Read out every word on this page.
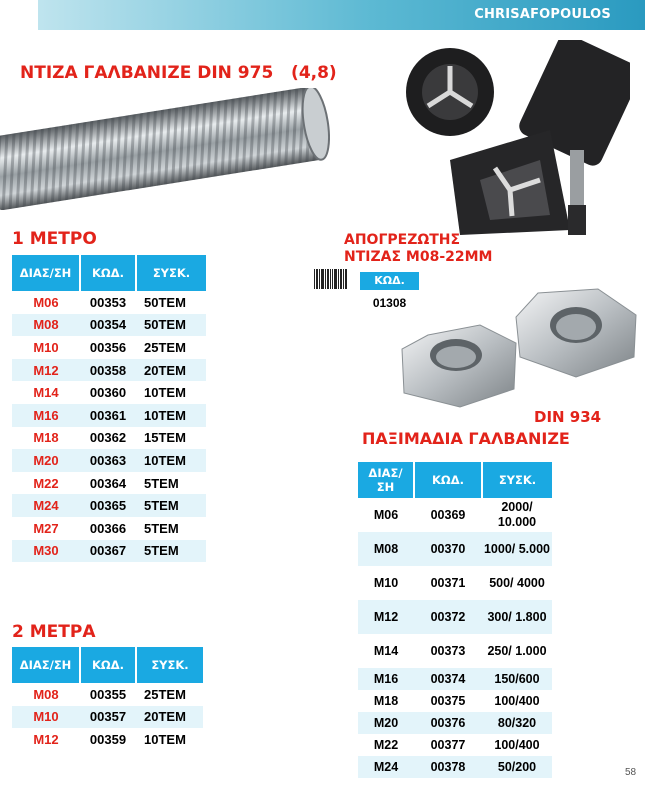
CHRISAFOPOULOS
ΝΤΙΖΑ ΓΑΛΒΑΝΙΖΕ DIN 975   (4,8)
1 ΜΕΤΡΟ
ΔΙΑΣ/ΣΗ	ΚΩΔ.	ΣΥΣΚ.
M06	00353	50TEM
M08	00354	50TEM
M10	00356	25TEM
M12	00358	20TEM
M14	00360	10TEM
M16	00361	10TEM
M18	00362	15TEM
M20	00363	10TEM
M22	00364	5TEM
M24	00365	5TEM
M27	00366	5TEM
M30	00367	5TEM
2 ΜΕΤΡΑ
ΔΙΑΣ/ΣΗ	ΚΩΔ.	ΣΥΣΚ.
M08	00355	25TEM
M10	00357	20TEM
M12	00359	10TEM
ΑΠΟΓΡΕΖΩΤΗΣ
ΝΤΙΖΑΣ M08-22MM
ΚΩΔ.
01308
DIN 934
ΠΑΞΙΜΑΔΙΑ ΓΑΛΒΑΝΙΖΕ
ΔΙΑΣ/ ΣΗ	ΚΩΔ.	ΣΥΣΚ.
M06	00369	2000/ 10.000
M08	00370	1000/ 5.000
M10	00371	500/ 4000
M12	00372	300/ 1.800
M14	00373	250/ 1.000
M16	00374	150/600
M18	00375	100/400
M20	00376	80/320
M22	00377	100/400
M24	00378	50/200	58
